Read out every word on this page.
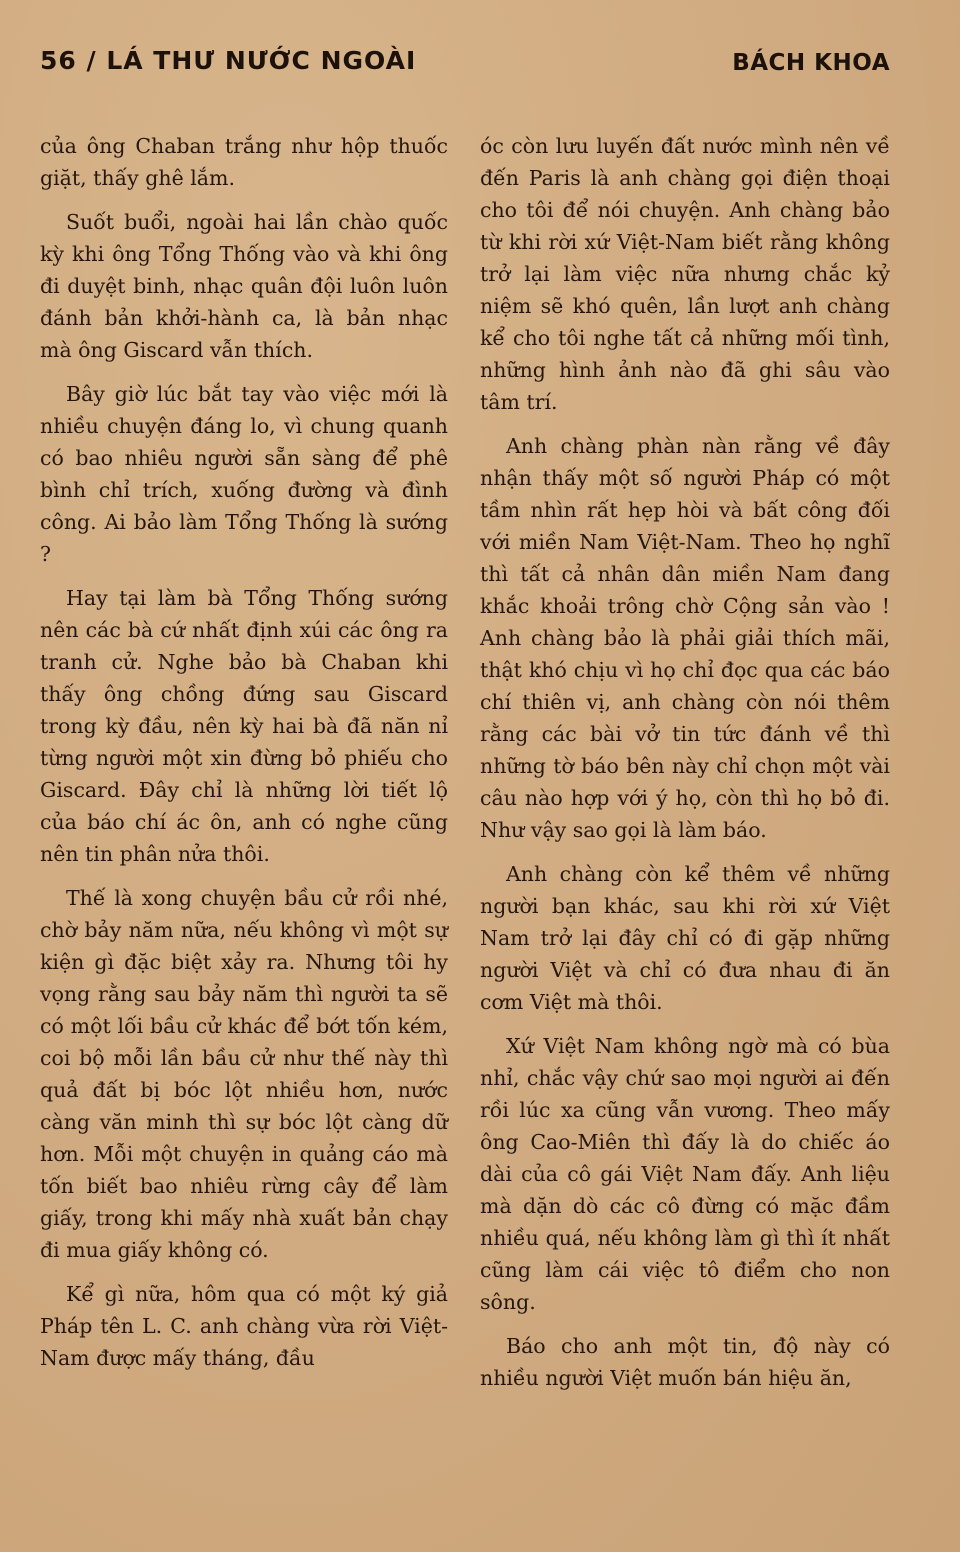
56 / LÁ THƯ NƯỚC NGOÀI	BÁCH KHOA

của ông Chaban trắng như hộp thuốc giặt, thấy ghê lắm.

Suốt buổi, ngoài hai lần chào quốc kỳ khi ông Tổng Thống vào và khi ông đi duyệt binh, nhạc quân đội luôn luôn đánh bản khởi-hành ca, là bản nhạc mà ông Giscard vẫn thích.

Bây giờ lúc bắt tay vào việc mới là nhiều chuyện đáng lo, vì chung quanh có bao nhiêu người sẵn sàng để phê bình chỉ trích, xuống đường và đình công. Ai bảo làm Tổng Thống là sướng ?

Hay tại làm bà Tổng Thống sướng nên các bà cứ nhất định xúi các ông ra tranh cử. Nghe bảo bà Chaban khi thấy ông chồng đứng sau Giscard trong kỳ đầu, nên kỳ hai bà đã năn nỉ từng người một xin đừng bỏ phiếu cho Giscard. Đây chỉ là những lời tiết lộ của báo chí ác ôn, anh có nghe cũng nên tin phân nửa thôi.

Thế là xong chuyện bầu cử rồi nhé, chờ bảy năm nữa, nếu không vì một sự kiện gì đặc biệt xảy ra. Nhưng tôi hy vọng rằng sau bảy năm thì người ta sẽ có một lối bầu cử khác để bớt tốn kém, coi bộ mỗi lần bầu cử như thế này thì quả đất bị bóc lột nhiều hơn, nước càng văn minh thì sự bóc lột càng dữ hơn. Mỗi một chuyện in quảng cáo mà tốn biết bao nhiêu rừng cây để làm giấy, trong khi mấy nhà xuất bản chạy đi mua giấy không có.

Kể gì nữa, hôm qua có một ký giả Pháp tên L. C. anh chàng vừa rời Việt-Nam được mấy tháng, đầu

óc còn lưu luyến đất nước mình nên về đến Paris là anh chàng gọi điện thoại cho tôi để nói chuyện. Anh chàng bảo từ khi rời xứ Việt-Nam biết rằng không trở lại làm việc nữa nhưng chắc kỷ niệm sẽ khó quên, lần lượt anh chàng kể cho tôi nghe tất cả những mối tình, những hình ảnh nào đã ghi sâu vào tâm trí.

Anh chàng phàn nàn rằng về đây nhận thấy một số người Pháp có một tầm nhìn rất hẹp hòi và bất công đối với miền Nam Việt-Nam. Theo họ nghĩ thì tất cả nhân dân miền Nam đang khắc khoải trông chờ Cộng sản vào ! Anh chàng bảo là phải giải thích mãi, thật khó chịu vì họ chỉ đọc qua các báo chí thiên vị, anh chàng còn nói thêm rằng các bài vở tin tức đánh về thì những tờ báo bên này chỉ chọn một vài câu nào hợp với ý họ, còn thì họ bỏ đi. Như vậy sao gọi là làm báo.

Anh chàng còn kể thêm về những người bạn khác, sau khi rời xứ Việt Nam trở lại đây chỉ có đi gặp những người Việt và chỉ có đưa nhau đi ăn cơm Việt mà thôi.

Xứ Việt Nam không ngờ mà có bùa nhỉ, chắc vậy chứ sao mọi người ai đến rồi lúc xa cũng vẫn vương. Theo mấy ông Cao-Miên thì đấy là do chiếc áo dài của cô gái Việt Nam đấy. Anh liệu mà dặn dò các cô đừng có mặc đầm nhiều quá, nếu không làm gì thì ít nhất cũng làm cái việc tô điểm cho non sông.

Báo cho anh một tin, độ này có nhiều người Việt muốn bán hiệu ăn,
